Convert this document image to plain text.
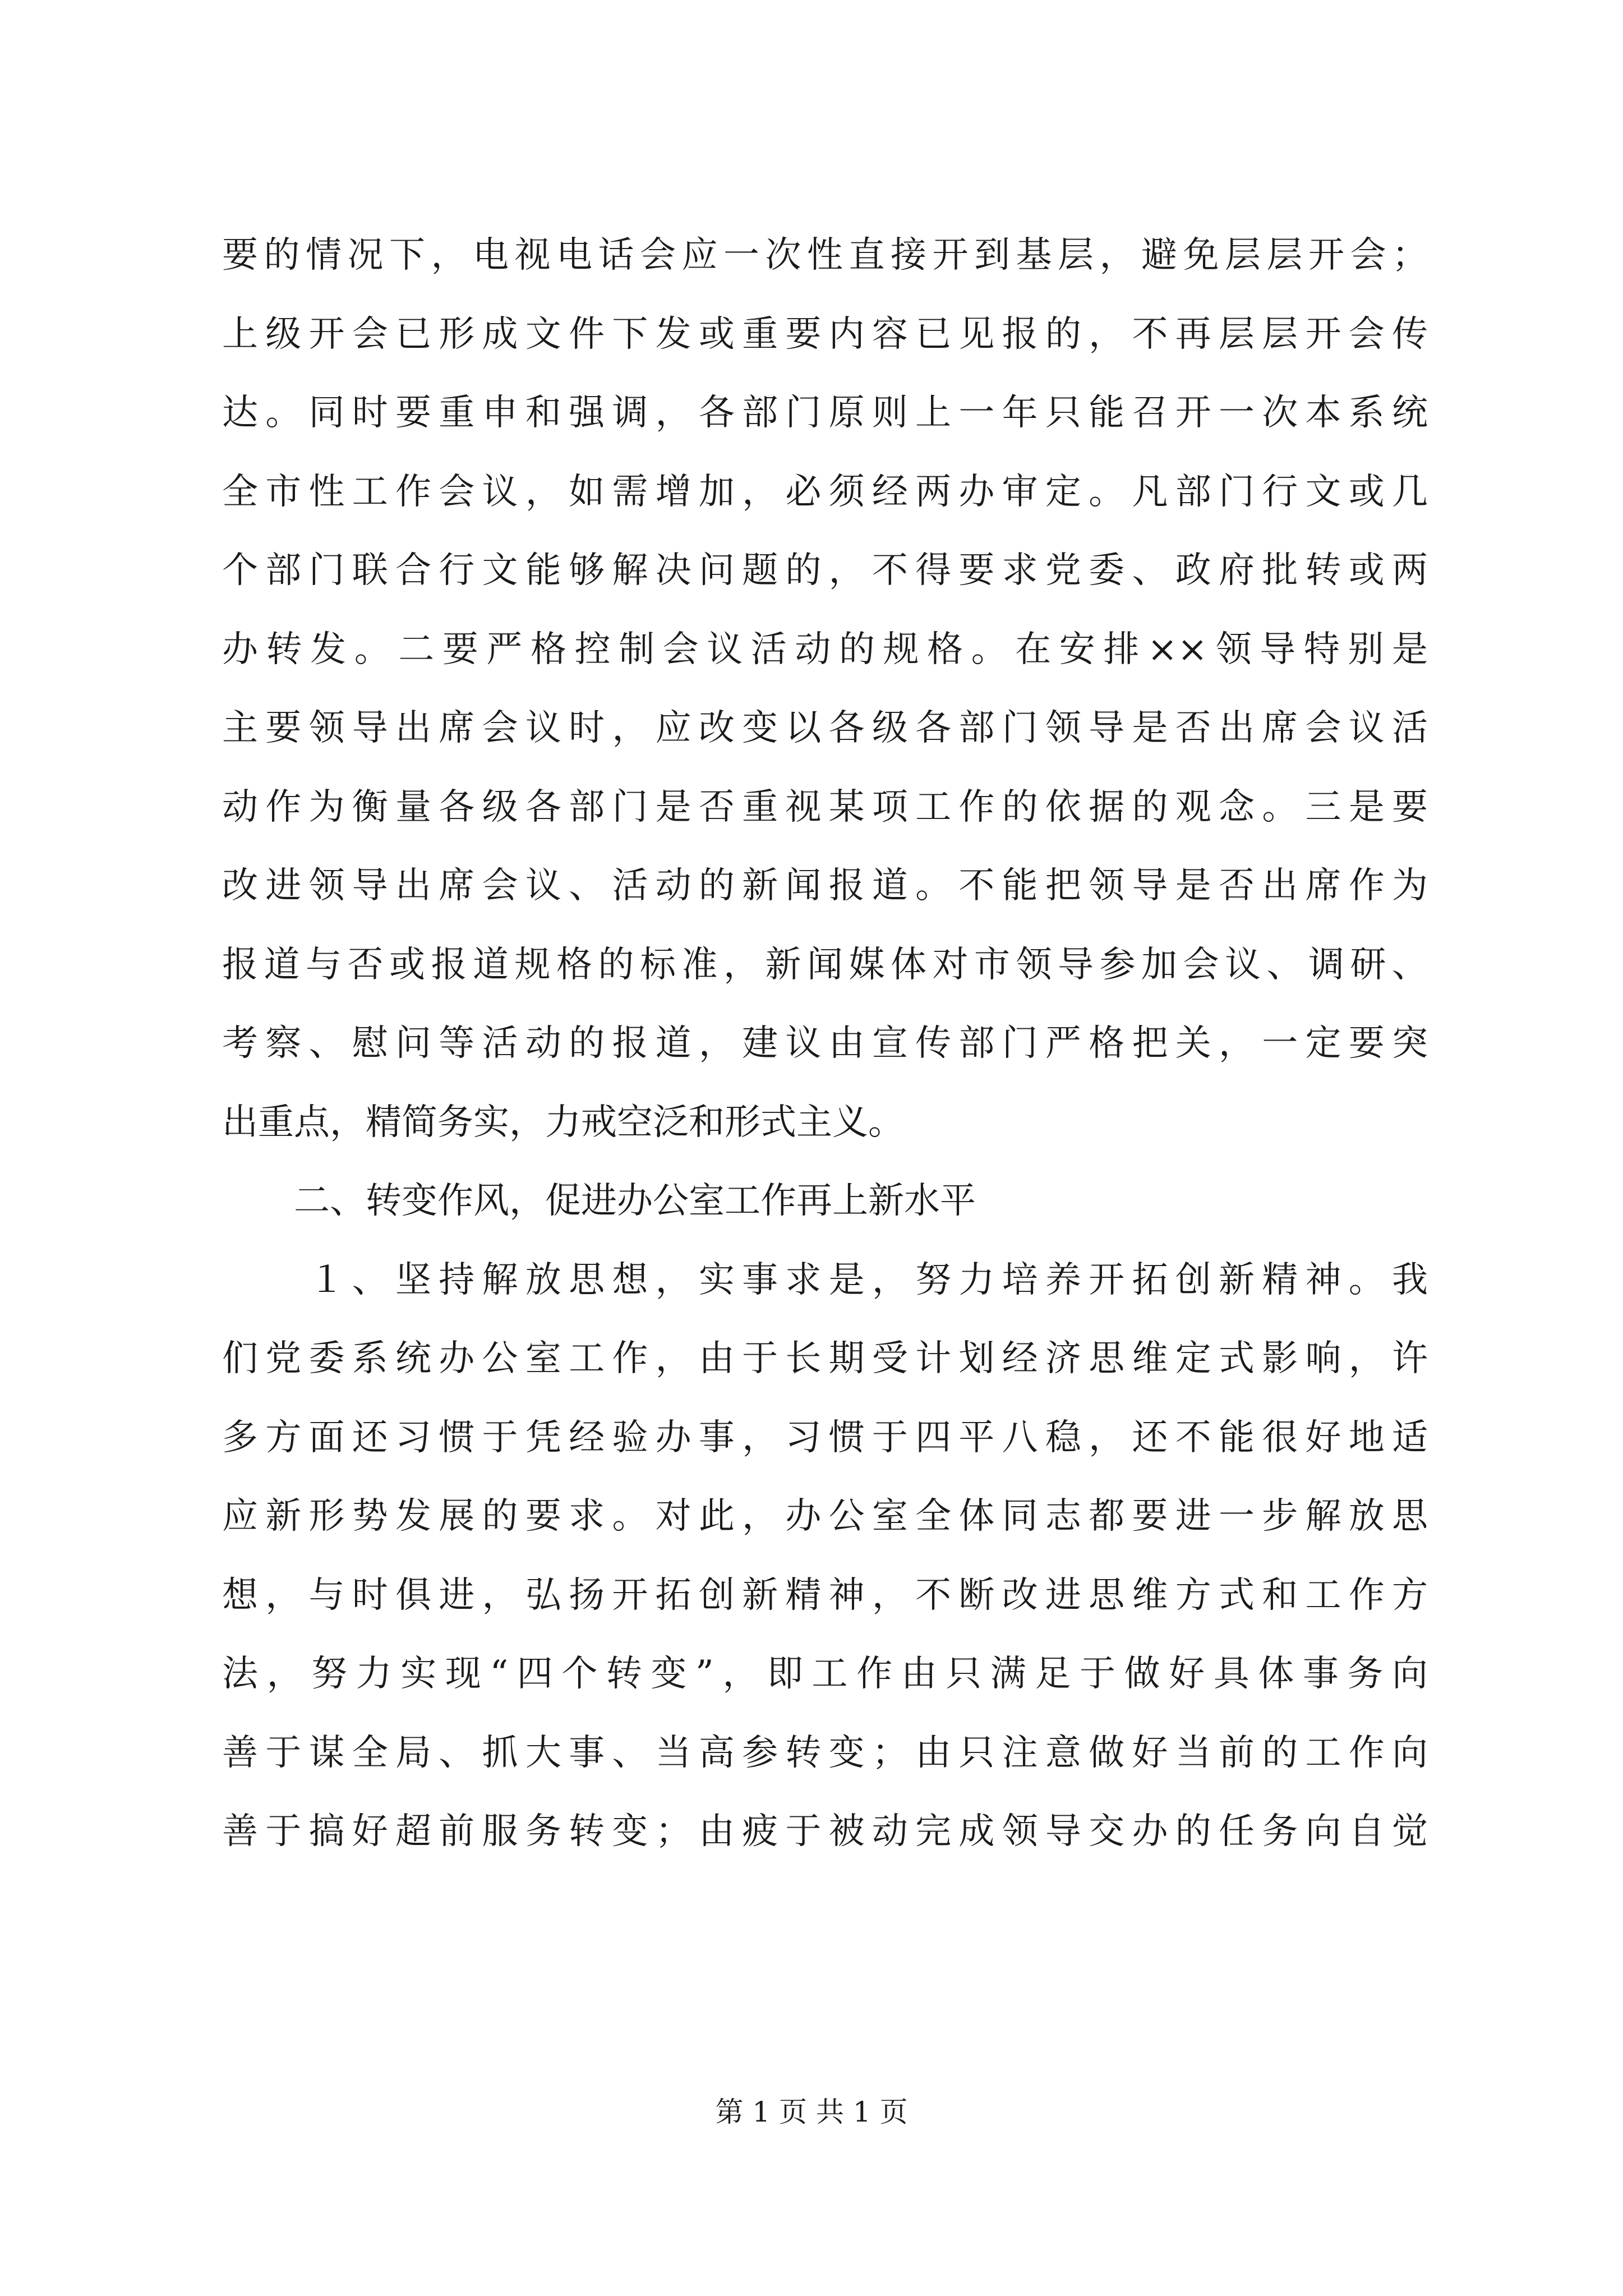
要的情况下，电视电话会应一次性直接开到基层，避免层层开会；
上级开会已形成文件下发或重要内容已见报的，不再层层开会传
达。同时要重申和强调，各部门原则上一年只能召开一次本系统
全市性工作会议，如需增加，必须经两办审定。凡部门行文或几
个部门联合行文能够解决问题的，不得要求党委、政府批转或两
办转发。二要严格控制会议活动的规格。在安排××领导特别是
主要领导出席会议时，应改变以各级各部门领导是否出席会议活
动作为衡量各级各部门是否重视某项工作的依据的观念。三是要
改进领导出席会议、活动的新闻报道。不能把领导是否出席作为
报道与否或报道规格的标准，新闻媒体对市领导参加会议、调研、
考察、慰问等活动的报道，建议由宣传部门严格把关，一定要突
出重点，精简务实，力戒空泛和形式主义。
　　二、转变作风，促进办公室工作再上新水平
　　１、坚持解放思想，实事求是，努力培养开拓创新精神。我
们党委系统办公室工作，由于长期受计划经济思维定式影响，许
多方面还习惯于凭经验办事，习惯于四平八稳，还不能很好地适
应新形势发展的要求。对此，办公室全体同志都要进一步解放思
想，与时俱进，弘扬开拓创新精神，不断改进思维方式和工作方
法，努力实现“四个转变”，即工作由只满足于做好具体事务向
善于谋全局、抓大事、当高参转变；由只注意做好当前的工作向
善于搞好超前服务转变；由疲于被动完成领导交办的任务向自觉
第 1 页 共 1 页
